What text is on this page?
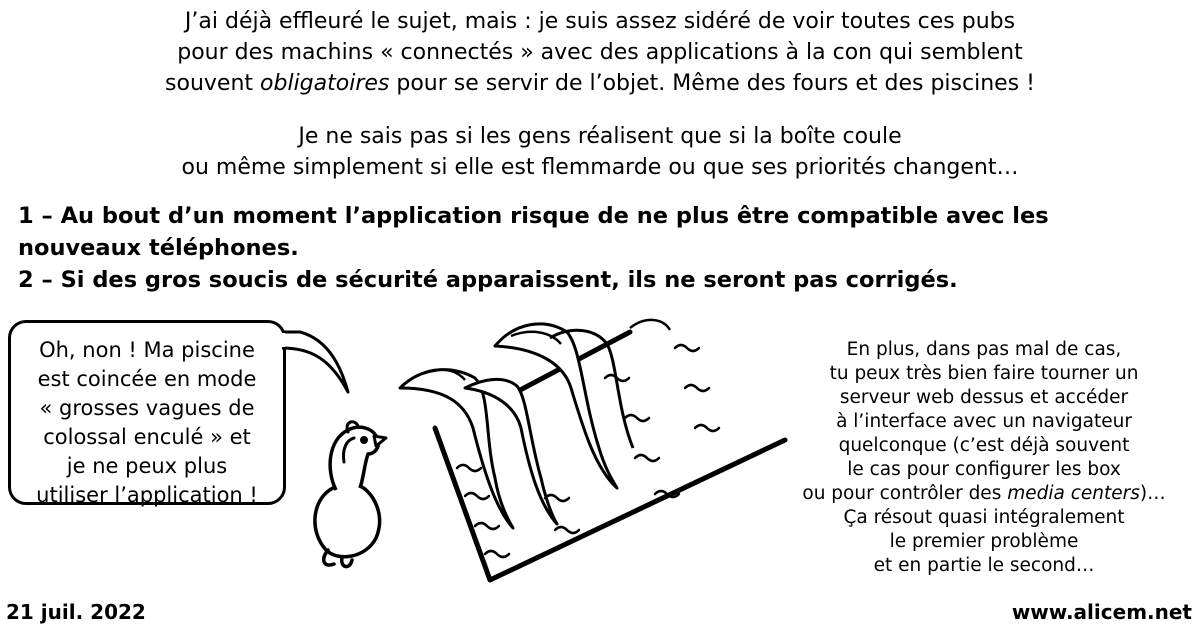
J’ai déjà effleuré le sujet, mais : je suis assez sidéré de voir toutes ces pubs
pour des machins « connectés » avec des applications à la con qui semblent
souvent obligatoires pour se servir de l’objet. Même des fours et des piscines !

Je ne sais pas si les gens réalisent que si la boîte coule
ou même simplement si elle est flemmarde ou que ses priorités changent…

1 – Au bout d’un moment l’application risque de ne plus être compatible avec les nouveaux téléphones.

2 – Si des gros soucis de sécurité apparaissent, ils ne seront pas corrigés.

Oh, non ! Ma piscine
est coincée en mode
« grosses vagues de
colossal enculé » et
je ne peux plus
utiliser l’application !
En plus, dans pas mal de cas,
tu peux très bien faire tourner un
serveur web dessus et accéder
à l’interface avec un navigateur
quelconque (c’est déjà souvent
le cas pour configurer les box
ou pour contrôler des media centers)…
Ça résout quasi intégralement
le premier problème
et en partie le second…
21 juil. 2022	www.alicem.net
